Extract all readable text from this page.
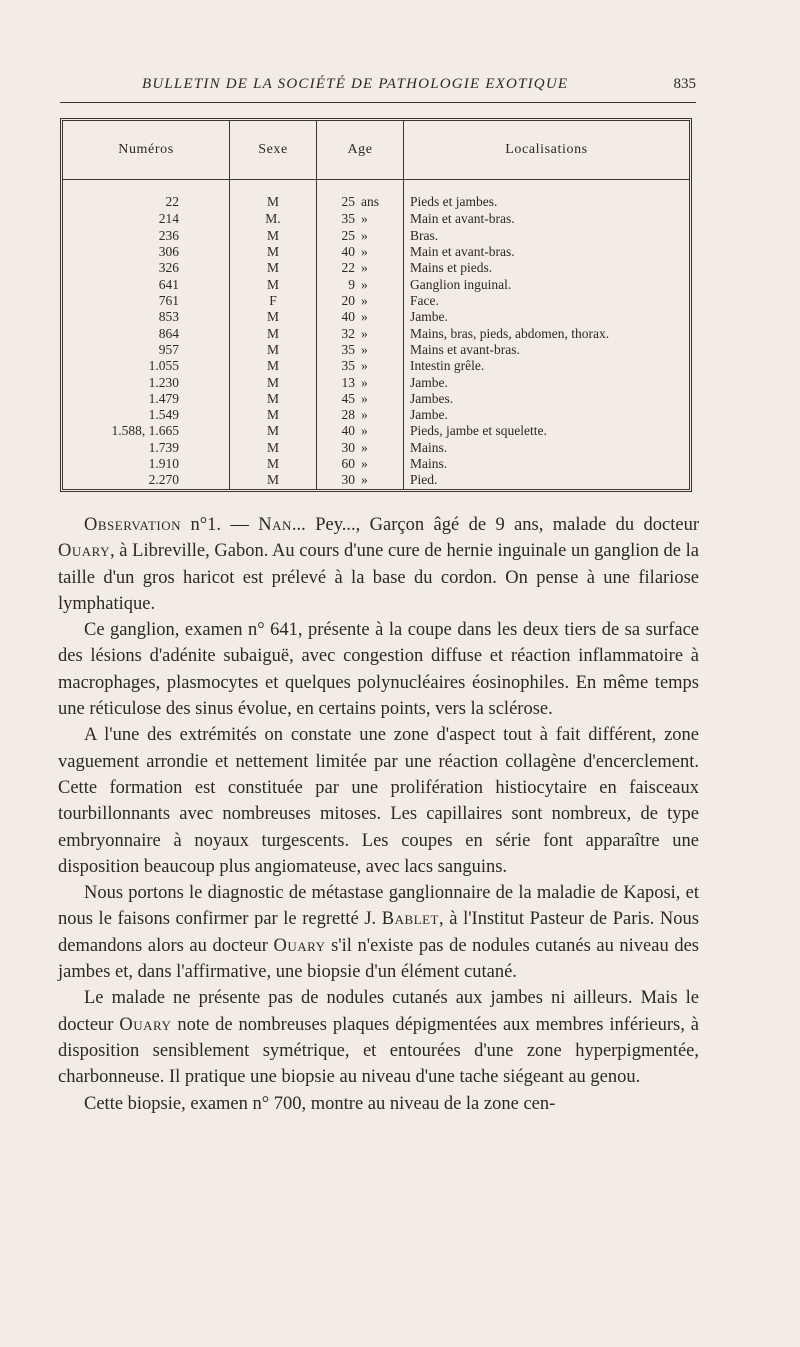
BULLETIN DE LA SOCIÉTÉ DE PATHOLOGIE EXOTIQUE	835
Numéros	Sexe	Age	Localisations
22	M	25 ans	Pieds et jambes.
214	M.	35 »	Main et avant-bras.
236	M	25 »	Bras.
306	M	40 »	Main et avant-bras.
326	M	22 »	Mains et pieds.
641	M	9 »	Ganglion inguinal.
761	F	20 »	Face.
853	M	40 »	Jambe.
864	M	32 »	Mains, bras, pieds, abdomen, thorax.
957	M	35 »	Mains et avant-bras.
1.055	M	35 »	Intestin grêle.
1.230	M	13 »	Jambe.
1.479	M	45 »	Jambes.
1.549	M	28 »	Jambe.
1.588, 1.665	M	40 »	Pieds, jambe et squelette.
1.739	M	30 »	Mains.
1.910	M	60 »	Mains.
2.270	M	30 »	Pied.

Observation n°1. — Nan... Pey..., Garçon âgé de 9 ans, malade du docteur Ouary, à Libreville, Gabon. Au cours d'une cure de hernie inguinale un ganglion de la taille d'un gros haricot est prélevé à la base du cordon. On pense à une filariose lymphatique.

Ce ganglion, examen n° 641, présente à la coupe dans les deux tiers de sa surface des lésions d'adénite subaiguë, avec congestion diffuse et réaction inflammatoire à macrophages, plasmocytes et quelques polynucléaires éosinophiles. En même temps une réticulose des sinus évolue, en certains points, vers la sclérose.

A l'une des extrémités on constate une zone d'aspect tout à fait différent, zone vaguement arrondie et nettement limitée par une réaction collagène d'encerclement. Cette formation est constituée par une prolifération histiocytaire en faisceaux tourbillonnants avec nombreuses mitoses. Les capillaires sont nombreux, de type embryonnaire à noyaux turgescents. Les coupes en série font apparaître une disposition beaucoup plus angiomateuse, avec lacs sanguins.

Nous portons le diagnostic de métastase ganglionnaire de la maladie de Kaposi, et nous le faisons confirmer par le regretté J. Bablet, à l'Institut Pasteur de Paris. Nous demandons alors au docteur Ouary s'il n'existe pas de nodules cutanés au niveau des jambes et, dans l'affirmative, une biopsie d'un élément cutané.

Le malade ne présente pas de nodules cutanés aux jambes ni ailleurs. Mais le docteur Ouary note de nombreuses plaques dépigmentées aux membres inférieurs, à disposition sensiblement symétrique, et entourées d'une zone hyperpigmentée, charbonneuse. Il pratique une biopsie au niveau d'une tache siégeant au genou.

Cette biopsie, examen n° 700, montre au niveau de la zone cen-
